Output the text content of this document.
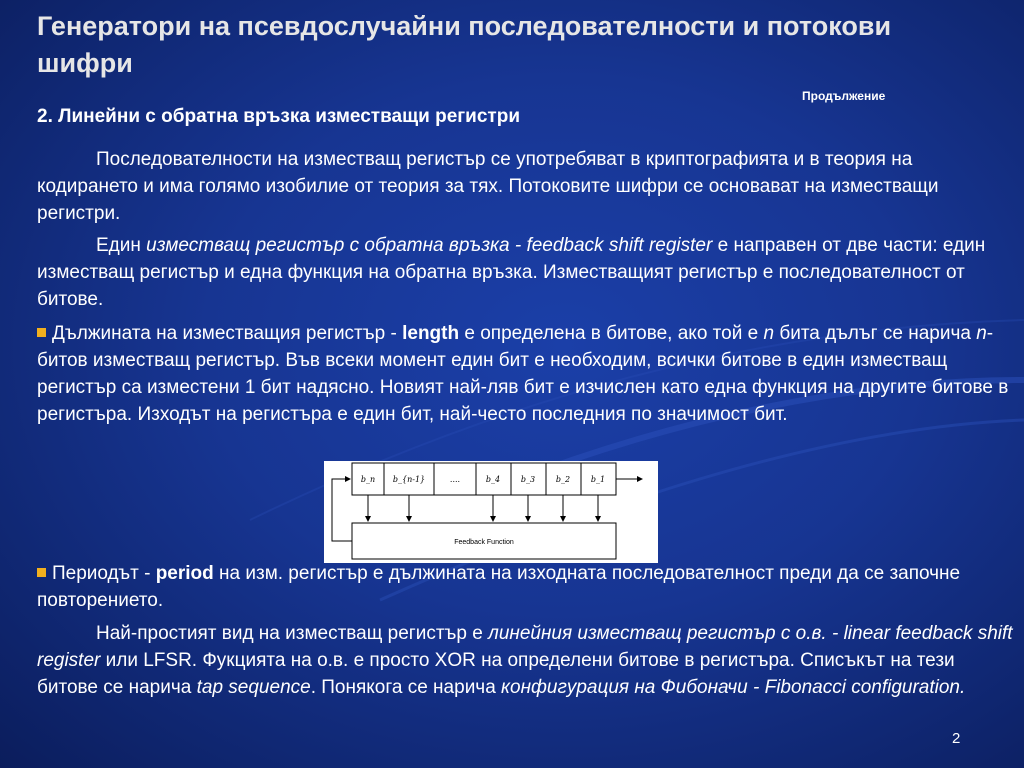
Генератори на псевдослучайни последователности и потокови шифри
Продължение
2. Линейни с обратна връзка изместващи регистри

Последователности на изместващ регистър се употребяват в криптографията и в теория на кодирането и има голямо изобилие от теория за тях. Потоковите шифри се основават на изместващи регистри.

Един изместващ регистър с обратна връзка - feedback shift register е направен от две части: един изместващ регистър и една функция на обратна връзка. Изместващият регистър е последователност от битове.

Дължината на изместващия регистър - length е определена в битове, ако той е n бита дълъг се нарича n-битов изместващ регистър. Във всеки момент един бит е необходим, всички битове в един изместващ регистър са изместени 1 бит надясно. Новият най-ляв бит е изчислен като една функция на другите битове в регистъра. Изходът на регистъра е един бит, най-често последния по значимост бит.

b_n b_{n-1}	....	b_4	b_3	b_2	b_1
Feedback Function

Периодът - period на изм. регистър е дължината на изходната последователност преди да се започне повторението.

Най-простият вид на изместващ регистър е линейния изместващ регистър с о.в. - linear feedback shift register или LFSR. Фукцията на о.в. е просто XOR на определени битове в регистъра. Списъкът на тези битове се нарича tap sequence. Понякога се нарича конфигурация на Фибоначи - Fibonacci configuration.

2
